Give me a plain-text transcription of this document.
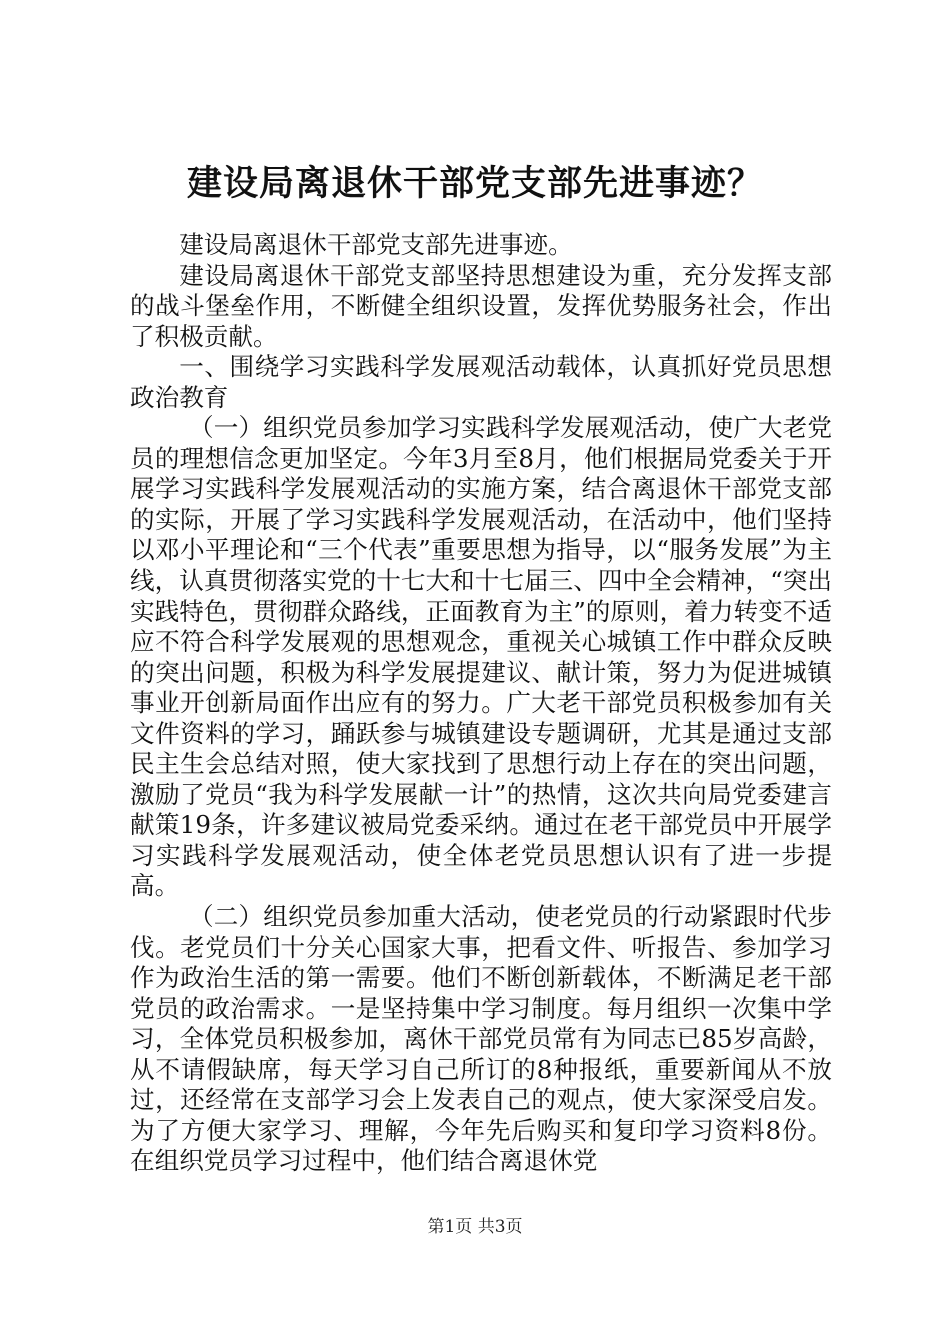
建设局离退休干部党支部先进事迹？

建设局离退休干部党支部先进事迹。

建设局离退休干部党支部坚持思想建设为重，充分发挥支部的战斗堡垒作用，不断健全组织设置，发挥优势服务社会，作出了积极贡献。

一、围绕学习实践科学发展观活动载体，认真抓好党员思想政治教育

（一）组织党员参加学习实践科学发展观活动，使广大老党员的理想信念更加坚定。今年3月至8月，他们根据局党委关于开展学习实践科学发展观活动的实施方案，结合离退休干部党支部的实际，开展了学习实践科学发展观活动，在活动中，他们坚持以邓小平理论和“三个代表”重要思想为指导，以“服务发展”为主线，认真贯彻落实党的十七大和十七届三、四中全会精神，“突出实践特色，贯彻群众路线，正面教育为主”的原则，着力转变不适应不符合科学发展观的思想观念，重视关心城镇工作中群众反映的突出问题，积极为科学发展提建议、献计策，努力为促进城镇事业开创新局面作出应有的努力。广大老干部党员积极参加有关文件资料的学习，踊跃参与城镇建设专题调研，尤其是通过支部民主生会总结对照，使大家找到了思想行动上存在的突出问题，激励了党员“我为科学发展献一计”的热情，这次共向局党委建言献策19条，许多建议被局党委采纳。通过在老干部党员中开展学习实践科学发展观活动，使全体老党员思想认识有了进一步提高。

（二）组织党员参加重大活动，使老党员的行动紧跟时代步伐。老党员们十分关心国家大事，把看文件、听报告、参加学习作为政治生活的第一需要。他们不断创新载体，不断满足老干部党员的政治需求。一是坚持集中学习制度。每月组织一次集中学习，全体党员积极参加，离休干部党员常有为同志已85岁高龄，从不请假缺席，每天学习自己所订的8种报纸，重要新闻从不放过，还经常在支部学习会上发表自己的观点，使大家深受启发。为了方便大家学习、理解，今年先后购买和复印学习资料8份。在组织党员学习过程中，他们结合离退休党

第1页 共3页
